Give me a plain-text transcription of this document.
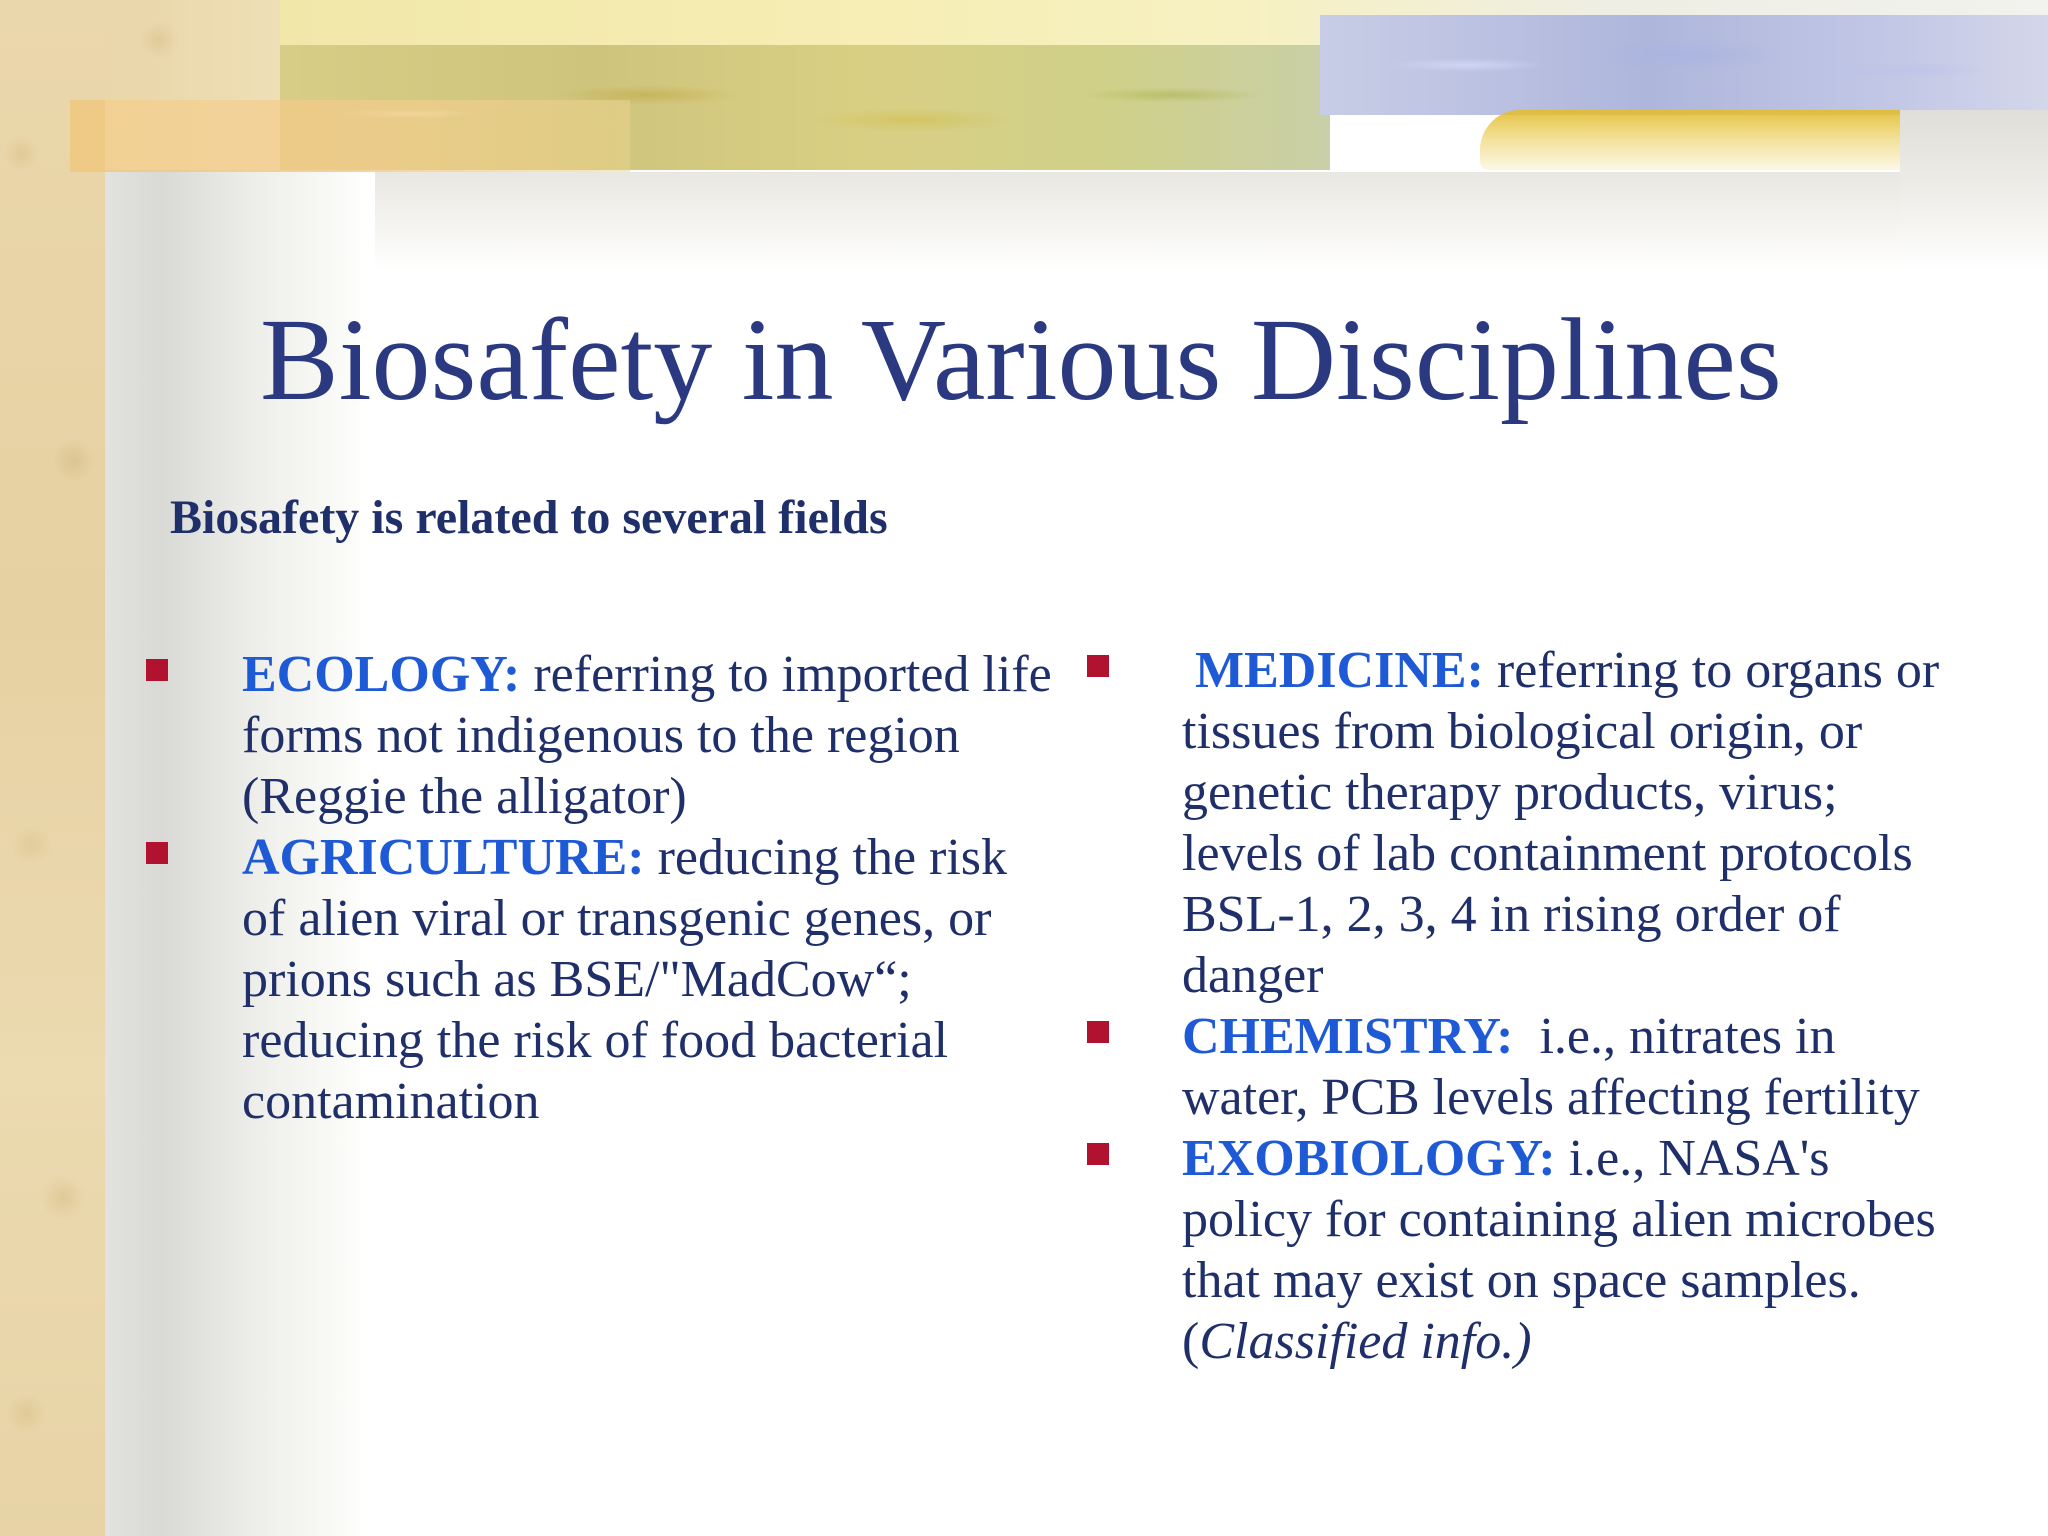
Biosafety in Various Disciplines
Biosafety is related to several fields
ECOLOGY: referring to imported life forms not indigenous to the region (Reggie the alligator)
AGRICULTURE: reducing the risk of alien viral or transgenic genes, or prions such as BSE/"MadCow“; reducing the risk of food bacterial contamination
MEDICINE: referring to organs or tissues from biological origin, or genetic therapy products, virus; levels of lab containment protocols BSL-1, 2, 3, 4 in rising order of danger
CHEMISTRY:  i.e., nitrates in water, PCB levels affecting fertility
EXOBIOLOGY: i.e., NASA's policy for containing alien microbes that may exist on space samples. (Classified info.)
